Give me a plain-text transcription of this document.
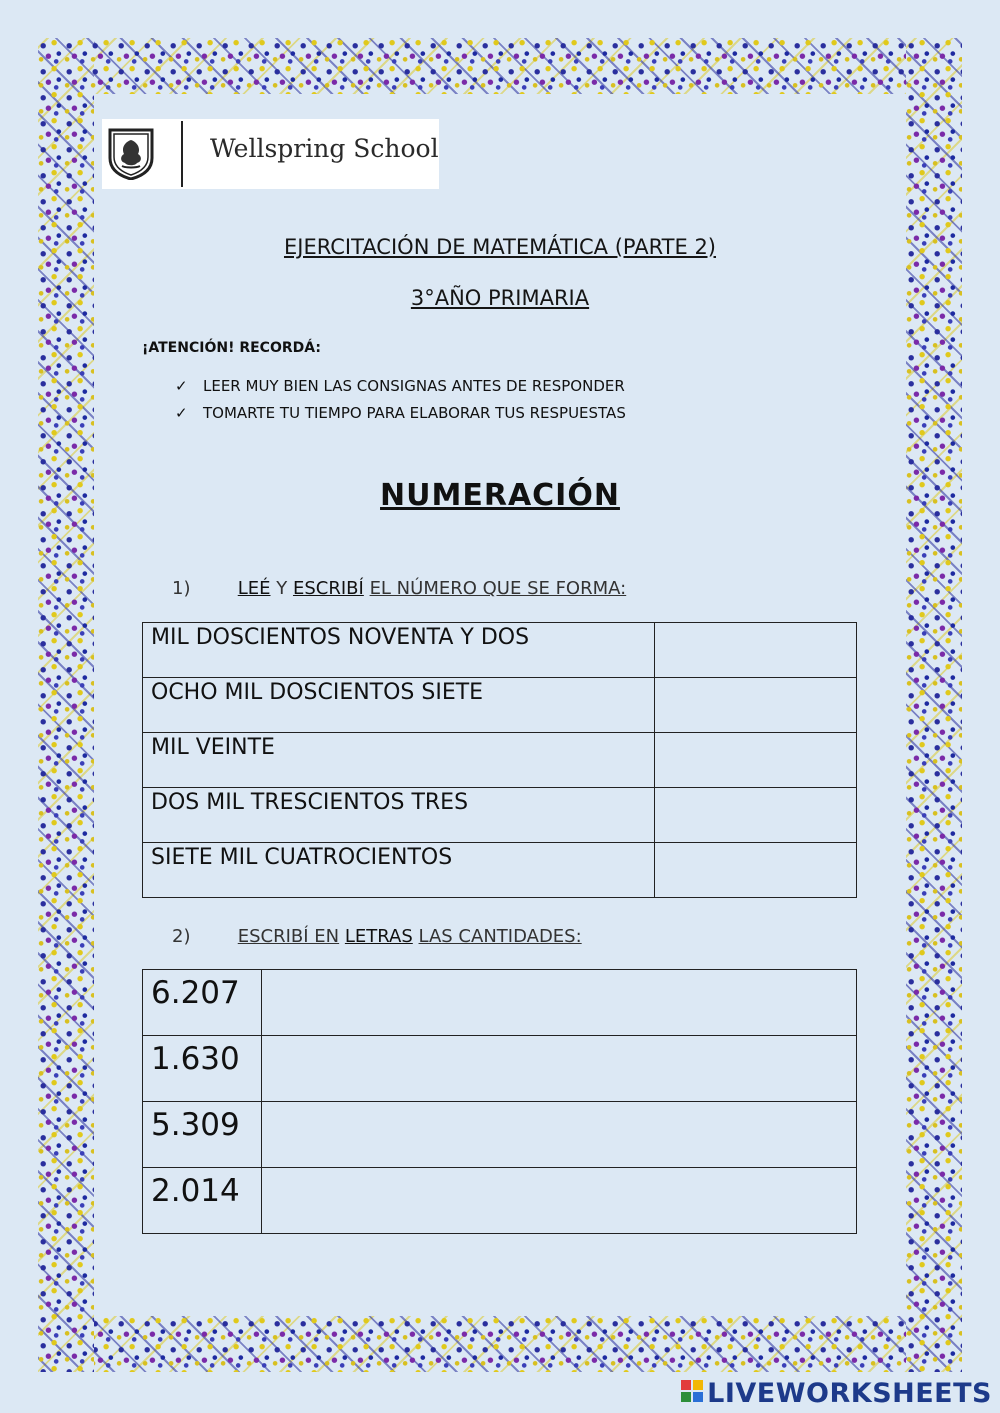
Wellspring School
EJERCITACIÓN DE MATEMÁTICA (PARTE 2)
3°AÑO PRIMARIA
¡ATENCIÓN! RECORDÁ:
✓ LEER MUY BIEN LAS CONSIGNAS ANTES DE RESPONDER
✓ TOMARTE TU TIEMPO PARA ELABORAR TUS RESPUESTAS
NUMERACIÓN
1)	LEÉ Y ESCRIBÍ EL NÚMERO QUE SE FORMA:
MIL DOSCIENTOS NOVENTA Y DOS	
OCHO MIL DOSCIENTOS SIETE	
MIL VEINTE	
DOS MIL TRESCIENTOS TRES	
SIETE MIL CUATROCIENTOS	
2)	ESCRIBÍ EN LETRAS LAS CANTIDADES:
6.207	
1.630	
5.309	
2.014	
LIVEWORKSHEETS
